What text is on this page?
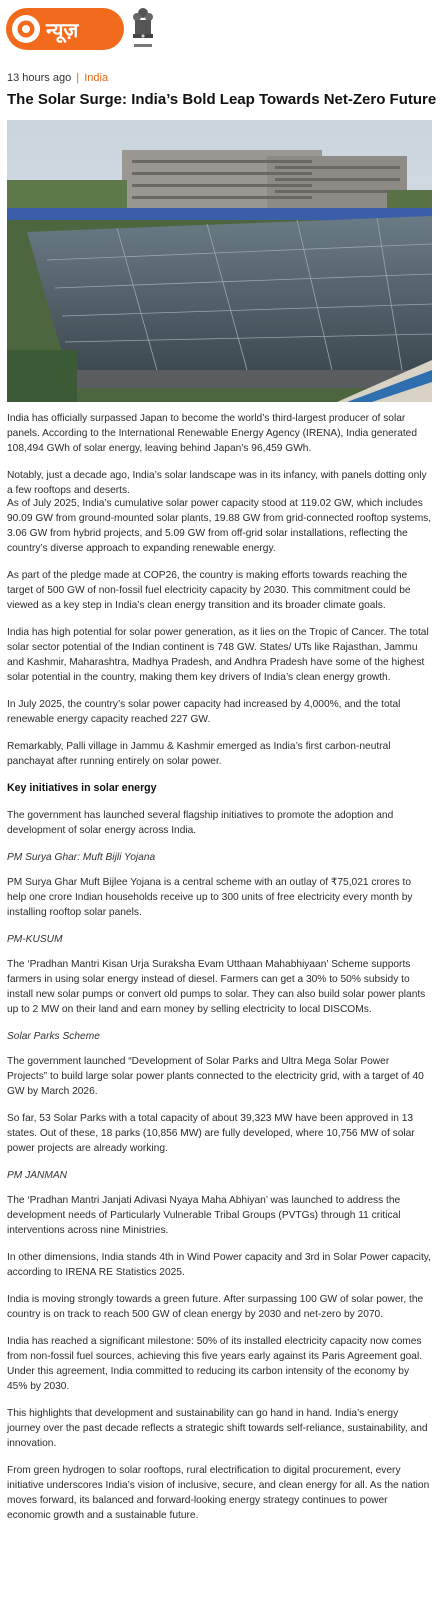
न्यूज़
13 hours ago | India
The Solar Surge: India’s Bold Leap Towards Net-Zero Future

India has officially surpassed Japan to become the world’s third-largest producer of solar panels. According to the International Renewable Energy Agency (IRENA), India generated 108,494 GWh of solar energy, leaving behind Japan’s 96,459 GWh.

Notably, just a decade ago, India’s solar landscape was in its infancy, with panels dotting only a few rooftops and deserts.

As of July 2025, India’s cumulative solar power capacity stood at 119.02 GW, which includes 90.09 GW from ground-mounted solar plants, 19.88 GW from grid-connected rooftop systems, 3.06 GW from hybrid projects, and 5.09 GW from off-grid solar installations, reflecting the country’s diverse approach to expanding renewable energy.

As part of the pledge made at COP26, the country is making efforts towards reaching the target of 500 GW of non-fossil fuel electricity capacity by 2030. This commitment could be viewed as a key step in India’s clean energy transition and its broader climate goals.

India has high potential for solar power generation, as it lies on the Tropic of Cancer. The total solar sector potential of the Indian continent is 748 GW. States/ UTs like Rajasthan, Jammu and Kashmir, Maharashtra, Madhya Pradesh, and Andhra Pradesh have some of the highest solar potential in the country, making them key drivers of India’s clean energy growth.

In July 2025, the country’s solar power capacity had increased by 4,000%, and the total renewable energy capacity reached 227 GW.

Remarkably, Palli village in Jammu & Kashmir emerged as India’s first carbon-neutral panchayat after running entirely on solar power.

Key initiatives in solar energy

The government has launched several flagship initiatives to promote the adoption and development of solar energy across India.

PM Surya Ghar: Muft Bijli Yojana

PM Surya Ghar Muft Bijlee Yojana is a central scheme with an outlay of ₹75,021 crores to help one crore Indian households receive up to 300 units of free electricity every month by installing rooftop solar panels.

PM-KUSUM

The ‘Pradhan Mantri Kisan Urja Suraksha Evam Utthaan Mahabhiyaan’ Scheme supports farmers in using solar energy instead of diesel. Farmers can get a 30% to 50% subsidy to install new solar pumps or convert old pumps to solar. They can also build solar power plants up to 2 MW on their land and earn money by selling electricity to local DISCOMs.

Solar Parks Scheme

The government launched “Development of Solar Parks and Ultra Mega Solar Power Projects” to build large solar power plants connected to the electricity grid, with a target of 40 GW by March 2026.

So far, 53 Solar Parks with a total capacity of about 39,323 MW have been approved in 13 states. Out of these, 18 parks (10,856 MW) are fully developed, where 10,756 MW of solar power projects are already working.

PM JANMAN

The ‘Pradhan Mantri Janjati Adivasi Nyaya Maha Abhiyan’ was launched to address the development needs of Particularly Vulnerable Tribal Groups (PVTGs) through 11 critical interventions across nine Ministries.

In other dimensions, India stands 4th in Wind Power capacity and 3rd in Solar Power capacity, according to IRENA RE Statistics 2025.

India is moving strongly towards a green future. After surpassing 100 GW of solar power, the country is on track to reach 500 GW of clean energy by 2030 and net-zero by 2070.

India has reached a significant milestone: 50% of its installed electricity capacity now comes from non-fossil fuel sources, achieving this five years early against its Paris Agreement goal. Under this agreement, India committed to reducing its carbon intensity of the economy by 45% by 2030.

This highlights that development and sustainability can go hand in hand. India’s energy journey over the past decade reflects a strategic shift towards self-reliance, sustainability, and innovation.

From green hydrogen to solar rooftops, rural electrification to digital procurement, every initiative underscores India’s vision of inclusive, secure, and clean energy for all. As the nation moves forward, its balanced and forward-looking energy strategy continues to power economic growth and a sustainable future.
